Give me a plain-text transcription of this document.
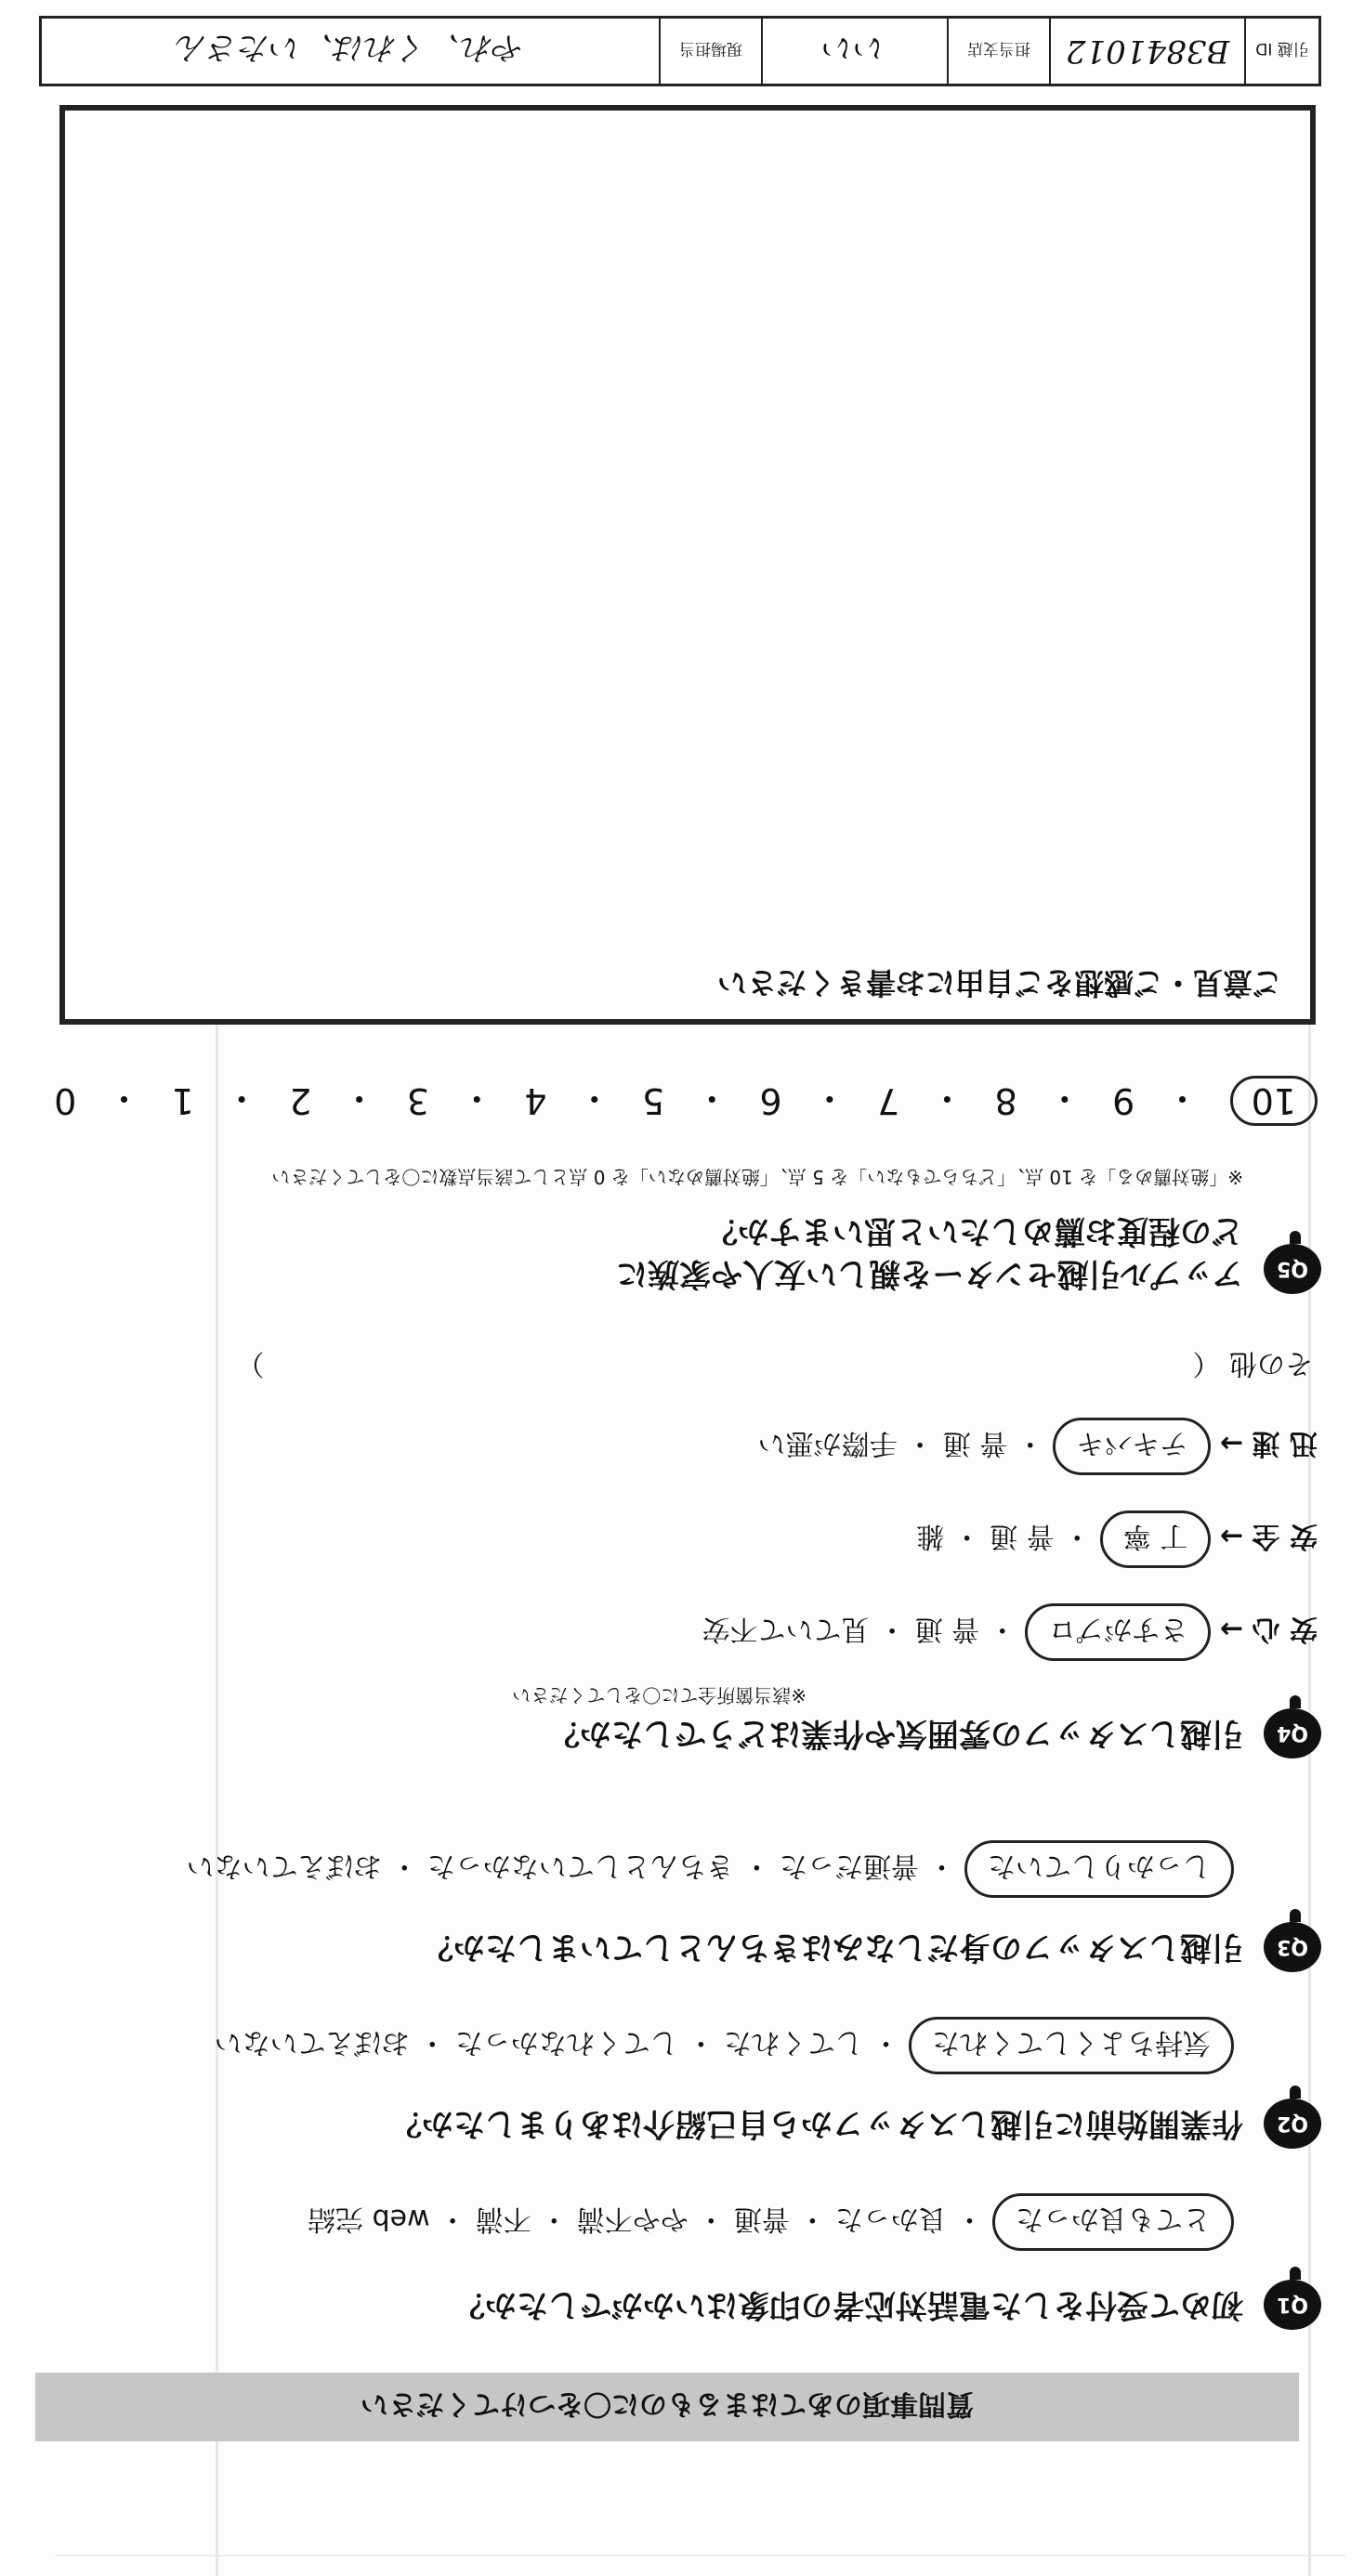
引越 ID
B3841012
担当支店
いい
現場担当
やれ、くれは、いたさん
質問事項のあてはまるものに〇をつけてください
Q1
初めて受付をした電話対応者の印象はいかがでしたか？
とても良かった ・ 良かった ・ 普通 ・ やや不満 ・ 不満 ・ web 完結
Q2
作業開始前に引越しスタッフから自己紹介はありましたか？
気持ちよくしてくれた ・ してくれた ・ してくれなかった ・ おぼえていない
Q3
引越しスタッフの身だしなみはきちんとしていましたか？
しっかりしていた ・ 普通だった ・ きちんとしていなかった ・ おぼえていない
Q4
引越しスタッフの雰囲気や作業はどうでしたか？
※該当箇所全てに〇をしてください
安 心 → さすがプロ ・ 普 通 ・ 見ていて不安
安 全 → 丁 寧 ・ 普 通 ・ 雑
迅 速 → テキパキ ・ 普 通 ・ 手際が悪い
その他 （  ）
Q5
アップル引越センターを親しい友人や家族に
どの程度お薦めしたいと思いますか？
※「絶対薦める」を 10 点、「どちらでもない」を 5 点、「絶対薦めない」を 0 点として該当点数に〇をしてください
10
・
9
・
8
・
7
・
6
・
5
・
4
・
3
・
2
・
1
・
0
ご意見・ご感想をご自由にお書きください
